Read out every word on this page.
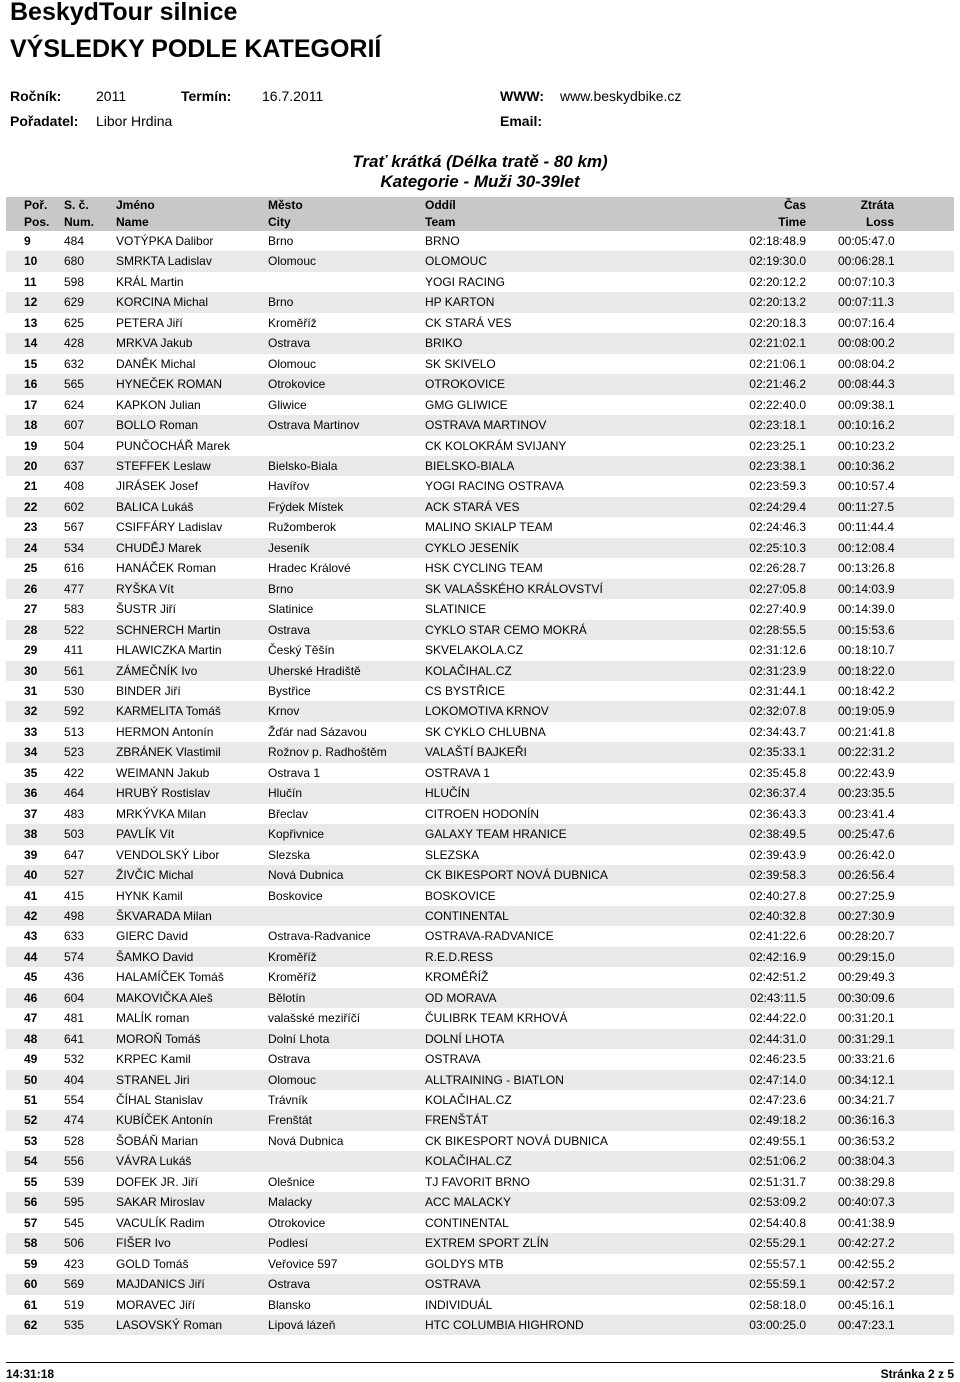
BeskydTour silnice
VÝSLEDKY PODLE KATEGORIÍ
Ročník: 2011	Termín: 16.7.2011	WWW: www.beskydbike.cz
Pořadatel: Libor Hrdina	Email:
Trať krátká (Délka tratě - 80 km)
Kategorie - Muži 30-39let
Poř.	S. č.	Jméno	Město	Oddíl	Čas	Ztráta
Pos.	Num.	Name	City	Team	Time	Loss
9	484	VOTÝPKA Dalibor	Brno	BRNO	02:18:48.9	00:05:47.0
10	680	SMRKTA Ladislav	Olomouc	OLOMOUC	02:19:30.0	00:06:28.1
11	598	KRÁL Martin		YOGI RACING	02:20:12.2	00:07:10.3
12	629	KORCINA Michal	Brno	HP KARTON	02:20:13.2	00:07:11.3
13	625	PETERA Jiří	Kroměříž	CK STARÁ VES	02:20:18.3	00:07:16.4
14	428	MRKVA Jakub	Ostrava	BRIKO	02:21:02.1	00:08:00.2
15	632	DANĚK Michal	Olomouc	SK SKIVELO	02:21:06.1	00:08:04.2
16	565	HYNEČEK ROMAN	Otrokovice	OTROKOVICE	02:21:46.2	00:08:44.3
17	624	KAPKON Julian	Gliwice	GMG GLIWICE	02:22:40.0	00:09:38.1
18	607	BOLLO Roman	Ostrava Martinov	OSTRAVA MARTINOV	02:23:18.1	00:10:16.2
19	504	PUNČOCHÁŘ Marek		CK KOLOKRÁM SVIJANY	02:23:25.1	00:10:23.2
20	637	STEFFEK Leslaw	Bielsko-Biala	BIELSKO-BIALA	02:23:38.1	00:10:36.2
21	408	JIRÁSEK Josef	Havířov	YOGI RACING OSTRAVA	02:23:59.3	00:10:57.4
22	602	BALICA Lukáš	Frýdek Místek	ACK STARÁ VES	02:24:29.4	00:11:27.5
23	567	CSIFFÁRY Ladislav	Ružomberok	MALINO SKIALP TEAM	02:24:46.3	00:11:44.4
24	534	CHUDĚJ Marek	Jeseník	CYKLO JESENÍK	02:25:10.3	00:12:08.4
25	616	HANÁČEK Roman	Hradec Králové	HSK CYCLING TEAM	02:26:28.7	00:13:26.8
26	477	RYŠKA Vít	Brno	SK VALAŠSKÉHO KRÁLOVSTVÍ	02:27:05.8	00:14:03.9
27	583	ŠUSTR Jiří	Slatinice	SLATINICE	02:27:40.9	00:14:39.0
28	522	SCHNERCH Martin	Ostrava	CYKLO STAR CEMO MOKRÁ	02:28:55.5	00:15:53.6
29	411	HLAWICZKA Martin	Český Těšín	SKVELAKOLA.CZ	02:31:12.6	00:18:10.7
30	561	ZÁMEČNÍK Ivo	Uherské Hradiště	KOLAČIHAL.CZ	02:31:23.9	00:18:22.0
31	530	BINDER Jiří	Bystřice	CS BYSTŘICE	02:31:44.1	00:18:42.2
32	592	KARMELITA Tomáš	Krnov	LOKOMOTIVA KRNOV	02:32:07.8	00:19:05.9
33	513	HERMON Antonín	Žďár nad Sázavou	SK CYKLO CHLUBNA	02:34:43.7	00:21:41.8
34	523	ZBRÁNEK Vlastimil	Rožnov p. Radhoštěm	VALAŠTÍ BAJKEŘI	02:35:33.1	00:22:31.2
35	422	WEIMANN Jakub	Ostrava 1	OSTRAVA 1	02:35:45.8	00:22:43.9
36	464	HRUBÝ Rostislav	Hlučín	HLUČÍN	02:36:37.4	00:23:35.5
37	483	MRKÝVKA Milan	Břeclav	CITROEN HODONÍN	02:36:43.3	00:23:41.4
38	503	PAVLÍK Vít	Kopřivnice	GALAXY TEAM HRANICE	02:38:49.5	00:25:47.6
39	647	VENDOLSKÝ Libor	Slezska	SLEZSKA	02:39:43.9	00:26:42.0
40	527	ŽIVČIC Michal	Nová Dubnica	CK BIKESPORT NOVÁ DUBNICA	02:39:58.3	00:26:56.4
41	415	HYNK Kamil	Boskovice	BOSKOVICE	02:40:27.8	00:27:25.9
42	498	ŠKVARADA Milan		CONTINENTAL	02:40:32.8	00:27:30.9
43	633	GIERC David	Ostrava-Radvanice	OSTRAVA-RADVANICE	02:41:22.6	00:28:20.7
44	574	ŠAMKO David	Kroměříž	R.E.D.RESS	02:42:16.9	00:29:15.0
45	436	HALAMÍČEK Tomáš	Kroměříž	KROMĚŘÍŽ	02:42:51.2	00:29:49.3
46	604	MAKOVIČKA Aleš	Bělotín	OD MORAVA	02:43:11.5	00:30:09.6
47	481	MALÍK roman	valašské meziříčí	ČULIBRK TEAM KRHOVÁ	02:44:22.0	00:31:20.1
48	641	MOROŇ Tomáš	Dolní Lhota	DOLNÍ LHOTA	02:44:31.0	00:31:29.1
49	532	KRPEC Kamil	Ostrava	OSTRAVA	02:46:23.5	00:33:21.6
50	404	STRANEL Jiri	Olomouc	ALLTRAINING - BIATLON	02:47:14.0	00:34:12.1
51	554	ČÍHAL Stanislav	Trávník	KOLAČIHAL.CZ	02:47:23.6	00:34:21.7
52	474	KUBÍČEK Antonín	Frenštát	FRENŠTÁT	02:49:18.2	00:36:16.3
53	528	ŠOBÁŇ Marian	Nová Dubnica	CK BIKESPORT NOVÁ DUBNICA	02:49:55.1	00:36:53.2
54	556	VÁVRA Lukáš		KOLAČIHAL.CZ	02:51:06.2	00:38:04.3
55	539	DOFEK JR. Jiří	Olešnice	TJ FAVORIT BRNO	02:51:31.7	00:38:29.8
56	595	SAKAR Miroslav	Malacky	ACC MALACKY	02:53:09.2	00:40:07.3
57	545	VACULÍK Radim	Otrokovice	CONTINENTAL	02:54:40.8	00:41:38.9
58	506	FIŠER Ivo	Podlesí	EXTREM SPORT ZLÍN	02:55:29.1	00:42:27.2
59	423	GOLD Tomáš	Veřovice 597	GOLDYS MTB	02:55:57.1	00:42:55.2
60	569	MAJDANICS Jiří	Ostrava	OSTRAVA	02:55:59.1	00:42:57.2
61	519	MORAVEC Jiří	Blansko	INDIVIDUÁL	02:58:18.0	00:45:16.1
62	535	LASOVSKÝ Roman	Lipová lázeň	HTC COLUMBIA HIGHROND	03:00:25.0	00:47:23.1
14:31:18	Stránka 2 z 5
